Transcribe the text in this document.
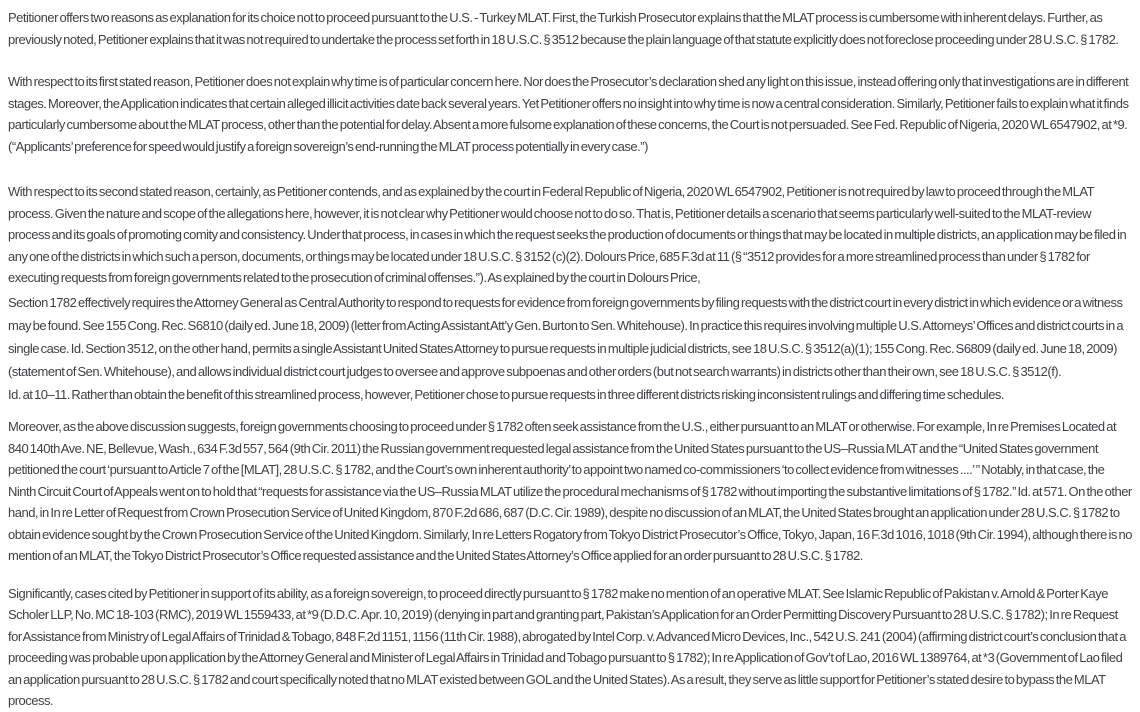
Petitioner offers two reasons as explanation for its choice not to proceed pursuant to the U.S. - Turkey MLAT. First, the Turkish Prosecutor explains that the MLAT process is cumbersome with inherent delays. Further, as previously noted, Petitioner explains that it was not required to undertake the process set forth in 18 U.S.C. § 3512 because the plain language of that statute explicitly does not foreclose proceeding under 28 U.S.C. § 1782.

With respect to its first stated reason, Petitioner does not explain why time is of particular concern here. Nor does the Prosecutor’s declaration shed any light on this issue, instead offering only that investigations are in different stages. Moreover, the Application indicates that certain alleged illicit activities date back several years. Yet Petitioner offers no insight into why time is now a central consideration. Similarly, Petitioner fails to explain what it finds particularly cumbersome about the MLAT process, other than the potential for delay. Absent a more fulsome explanation of these concerns, the Court is not persuaded. See Fed. Republic of Nigeria, 2020 WL 6547902, at *9. (“Applicants’ preference for speed would justify a foreign sovereign’s end-running the MLAT process potentially in every case.”)

With respect to its second stated reason, certainly, as Petitioner contends, and as explained by the court in Federal Republic of Nigeria, 2020 WL 6547902, Petitioner is not required by law to proceed through the MLAT process. Given the nature and scope of the allegations here, however, it is not clear why Petitioner would choose not to do so. That is, Petitioner details a scenario that seems particularly well-suited to the MLAT-review process and its goals of promoting comity and consistency. Under that process, in cases in which the request seeks the production of documents or things that may be located in multiple districts, an application may be filed in any one of the districts in which such a person, documents, or things may be located under 18 U.S.C. § 3152 (c)(2). Dolours Price, 685 F.3d at 11 (§ “3512 provides for a more streamlined process than under § 1782 for executing requests from foreign governments related to the prosecution of criminal offenses.”). As explained by the court in Dolours Price,

Section 1782 effectively requires the Attorney General as Central Authority to respond to requests for evidence from foreign governments by filing requests with the district court in every district in which evidence or a witness may be found. See 155 Cong. Rec. S6810 (daily ed. June 18, 2009) (letter from Acting Assistant Att’y Gen. Burton to Sen. Whitehouse). In practice this requires involving multiple U.S. Attorneys’ Offices and district courts in a single case. Id. Section 3512, on the other hand, permits a single Assistant United States Attorney to pursue requests in multiple judicial districts, see 18 U.S.C. § 3512(a)(1); 155 Cong. Rec. S6809 (daily ed. June 18, 2009) (statement of Sen. Whitehouse), and allows individual district court judges to oversee and approve subpoenas and other orders (but not search warrants) in districts other than their own, see 18 U.S.C. § 3512(f).

Id. at 10–11. Rather than obtain the benefit of this streamlined process, however, Petitioner chose to pursue requests in three different districts risking inconsistent rulings and differing time schedules.

Moreover, as the above discussion suggests, foreign governments choosing to proceed under § 1782 often seek assistance from the U.S., either pursuant to an MLAT or otherwise. For example, In re Premises Located at 840 140th Ave. NE, Bellevue, Wash., 634 F.3d 557, 564 (9th Cir. 2011) the Russian government requested legal assistance from the United States pursuant to the US–Russia MLAT and the “United States government petitioned the court ‘pursuant to Article 7 of the [MLAT], 28 U.S.C. § 1782, and the Court’s own inherent authority’ to appoint two named co-commissioners ‘to collect evidence from witnesses ....’ ” Notably, in that case, the Ninth Circuit Court of Appeals went on to hold that “requests for assistance via the US–Russia MLAT utilize the procedural mechanisms of § 1782 without importing the substantive limitations of § 1782.” Id. at 571. On the other hand, in In re Letter of Request from Crown Prosecution Service of United Kingdom, 870 F.2d 686, 687 (D.C. Cir. 1989), despite no discussion of an MLAT, the United States brought an application under 28 U.S.C. § 1782 to obtain evidence sought by the Crown Prosecution Service of the United Kingdom. Similarly, In re Letters Rogatory from Tokyo District Prosecutor’s Office, Tokyo, Japan, 16 F.3d 1016, 1018 (9th Cir. 1994), although there is no mention of an MLAT, the Tokyo District Prosecutor’s Office requested assistance and the United States Attorney’s Office applied for an order pursuant to 28 U.S.C. § 1782.

Significantly, cases cited by Petitioner in support of its ability, as a foreign sovereign, to proceed directly pursuant to § 1782 make no mention of an operative MLAT. See Islamic Republic of Pakistan v. Arnold & Porter Kaye Scholer LLP, No. MC 18-103 (RMC), 2019 WL 1559433, at *9 (D.D.C. Apr. 10, 2019) (denying in part and granting part, Pakistan’s Application for an Order Permitting Discovery Pursuant to 28 U.S.C. § 1782); In re Request for Assistance from Ministry of Legal Affairs of Trinidad & Tobago, 848 F.2d 1151, 1156 (11th Cir. 1988), abrogated by Intel Corp. v. Advanced Micro Devices, Inc., 542 U.S. 241 (2004) (affirming district court’s conclusion that a proceeding was probable upon application by the Attorney General and Minister of Legal Affairs in Trinidad and Tobago pursuant to § 1782); In re Application of Gov’t of Lao, 2016 WL 1389764, at *3 (Government of Lao filed an application pursuant to 28 U.S.C. § 1782 and court specifically noted that no MLAT existed between GOL and the United States). As a result, they serve as little support for Petitioner’s stated desire to bypass the MLAT process.
